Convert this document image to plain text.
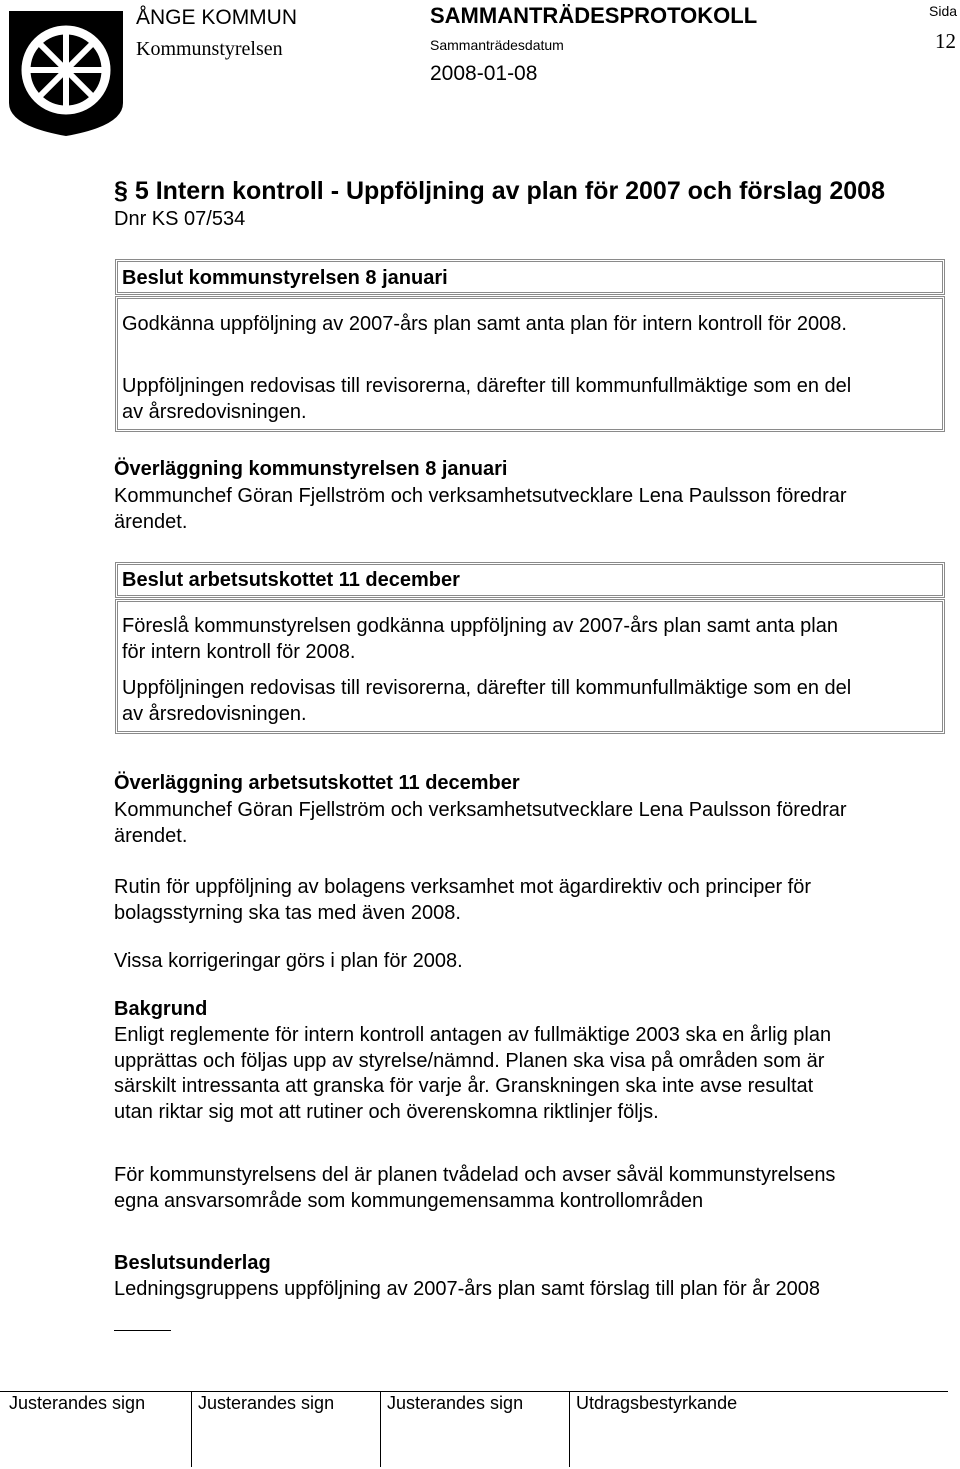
ÅNGE KOMMUN
Kommunstyrelsen
SAMMANTRÄDESPROTOKOLL
Sammanträdesdatum
2008-01-08
Sida
12
§ 5 Intern kontroll - Uppföljning av plan för 2007 och förslag 2008
Dnr KS 07/534
Beslut kommunstyrelsen 8 januari
Godkänna uppföljning av 2007-års plan samt anta plan för intern kontroll för 2008.
Uppföljningen redovisas till revisorerna, därefter till kommunfullmäktige som en del
av årsredovisningen.
Överläggning kommunstyrelsen 8 januari
Kommunchef Göran Fjellström och verksamhetsutvecklare Lena Paulsson föredrar
ärendet.
Beslut arbetsutskottet 11 december
Föreslå kommunstyrelsen godkänna uppföljning av 2007-års plan samt anta plan
för intern kontroll för 2008.
Uppföljningen redovisas till revisorerna, därefter till kommunfullmäktige som en del
av årsredovisningen.
Överläggning arbetsutskottet 11 december
Kommunchef Göran Fjellström och verksamhetsutvecklare Lena Paulsson föredrar
ärendet.
Rutin för uppföljning av bolagens verksamhet mot ägardirektiv och principer för
bolagsstyrning ska tas med även 2008.
Vissa korrigeringar görs i plan för 2008.
Bakgrund
Enligt reglemente för intern kontroll antagen av fullmäktige 2003 ska en årlig plan
upprättas och följas upp av styrelse/nämnd. Planen ska visa på områden som är
särskilt intressanta att granska för varje år. Granskningen ska inte avse resultat
utan riktar sig mot att rutiner och överenskomna riktlinjer följs.
För kommunstyrelsens del är planen tvådelad och avser såväl kommunstyrelsens
egna ansvarsområde som kommungemensamma kontrollområden
Beslutsunderlag
Ledningsgruppens uppföljning av 2007-års plan samt förslag till plan för år 2008
Justerandes sign	Justerandes sign	Justerandes sign	Utdragsbestyrkande
